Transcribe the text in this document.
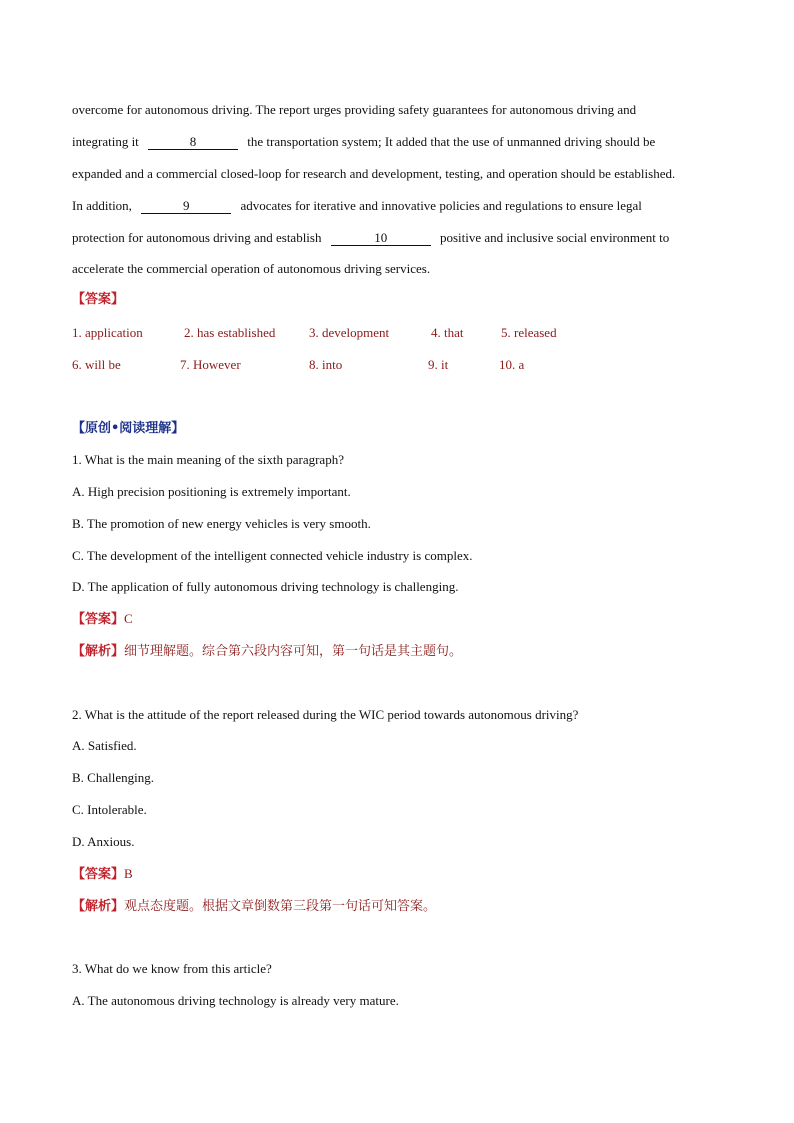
overcome for autonomous driving. The report urges providing safety guarantees for autonomous driving and
integrating it	8	the transportation system; It added that the use of unmanned driving should be
expanded and a commercial closed-loop for research and development, testing, and operation should be established.
In addition,	9	advocates for iterative and innovative policies and regulations to ensure legal
protection for autonomous driving and establish	10	positive and inclusive social environment to
accelerate the commercial operation of autonomous driving services.
【答案】
1. application	2. has established	3. development	4. that	5. released
6. will be	7. However	8. into	9. it	10. a
【原创•阅读理解】
1. What is the main meaning of the sixth paragraph?
A. High precision positioning is extremely important.
B. The promotion of new energy vehicles is very smooth.
C. The development of the intelligent connected vehicle industry is complex.
D. The application of fully autonomous driving technology is challenging.
【答案】C
【解析】细节理解题。综合第六段内容可知，第一句话是其主题句。
2. What is the attitude of the report released during the WIC period towards autonomous driving?
A. Satisfied.
B. Challenging.
C. Intolerable.
D. Anxious.
【答案】B
【解析】观点态度题。根据文章倒数第三段第一句话可知答案。
3. What do we know from this article?
A. The autonomous driving technology is already very mature.
